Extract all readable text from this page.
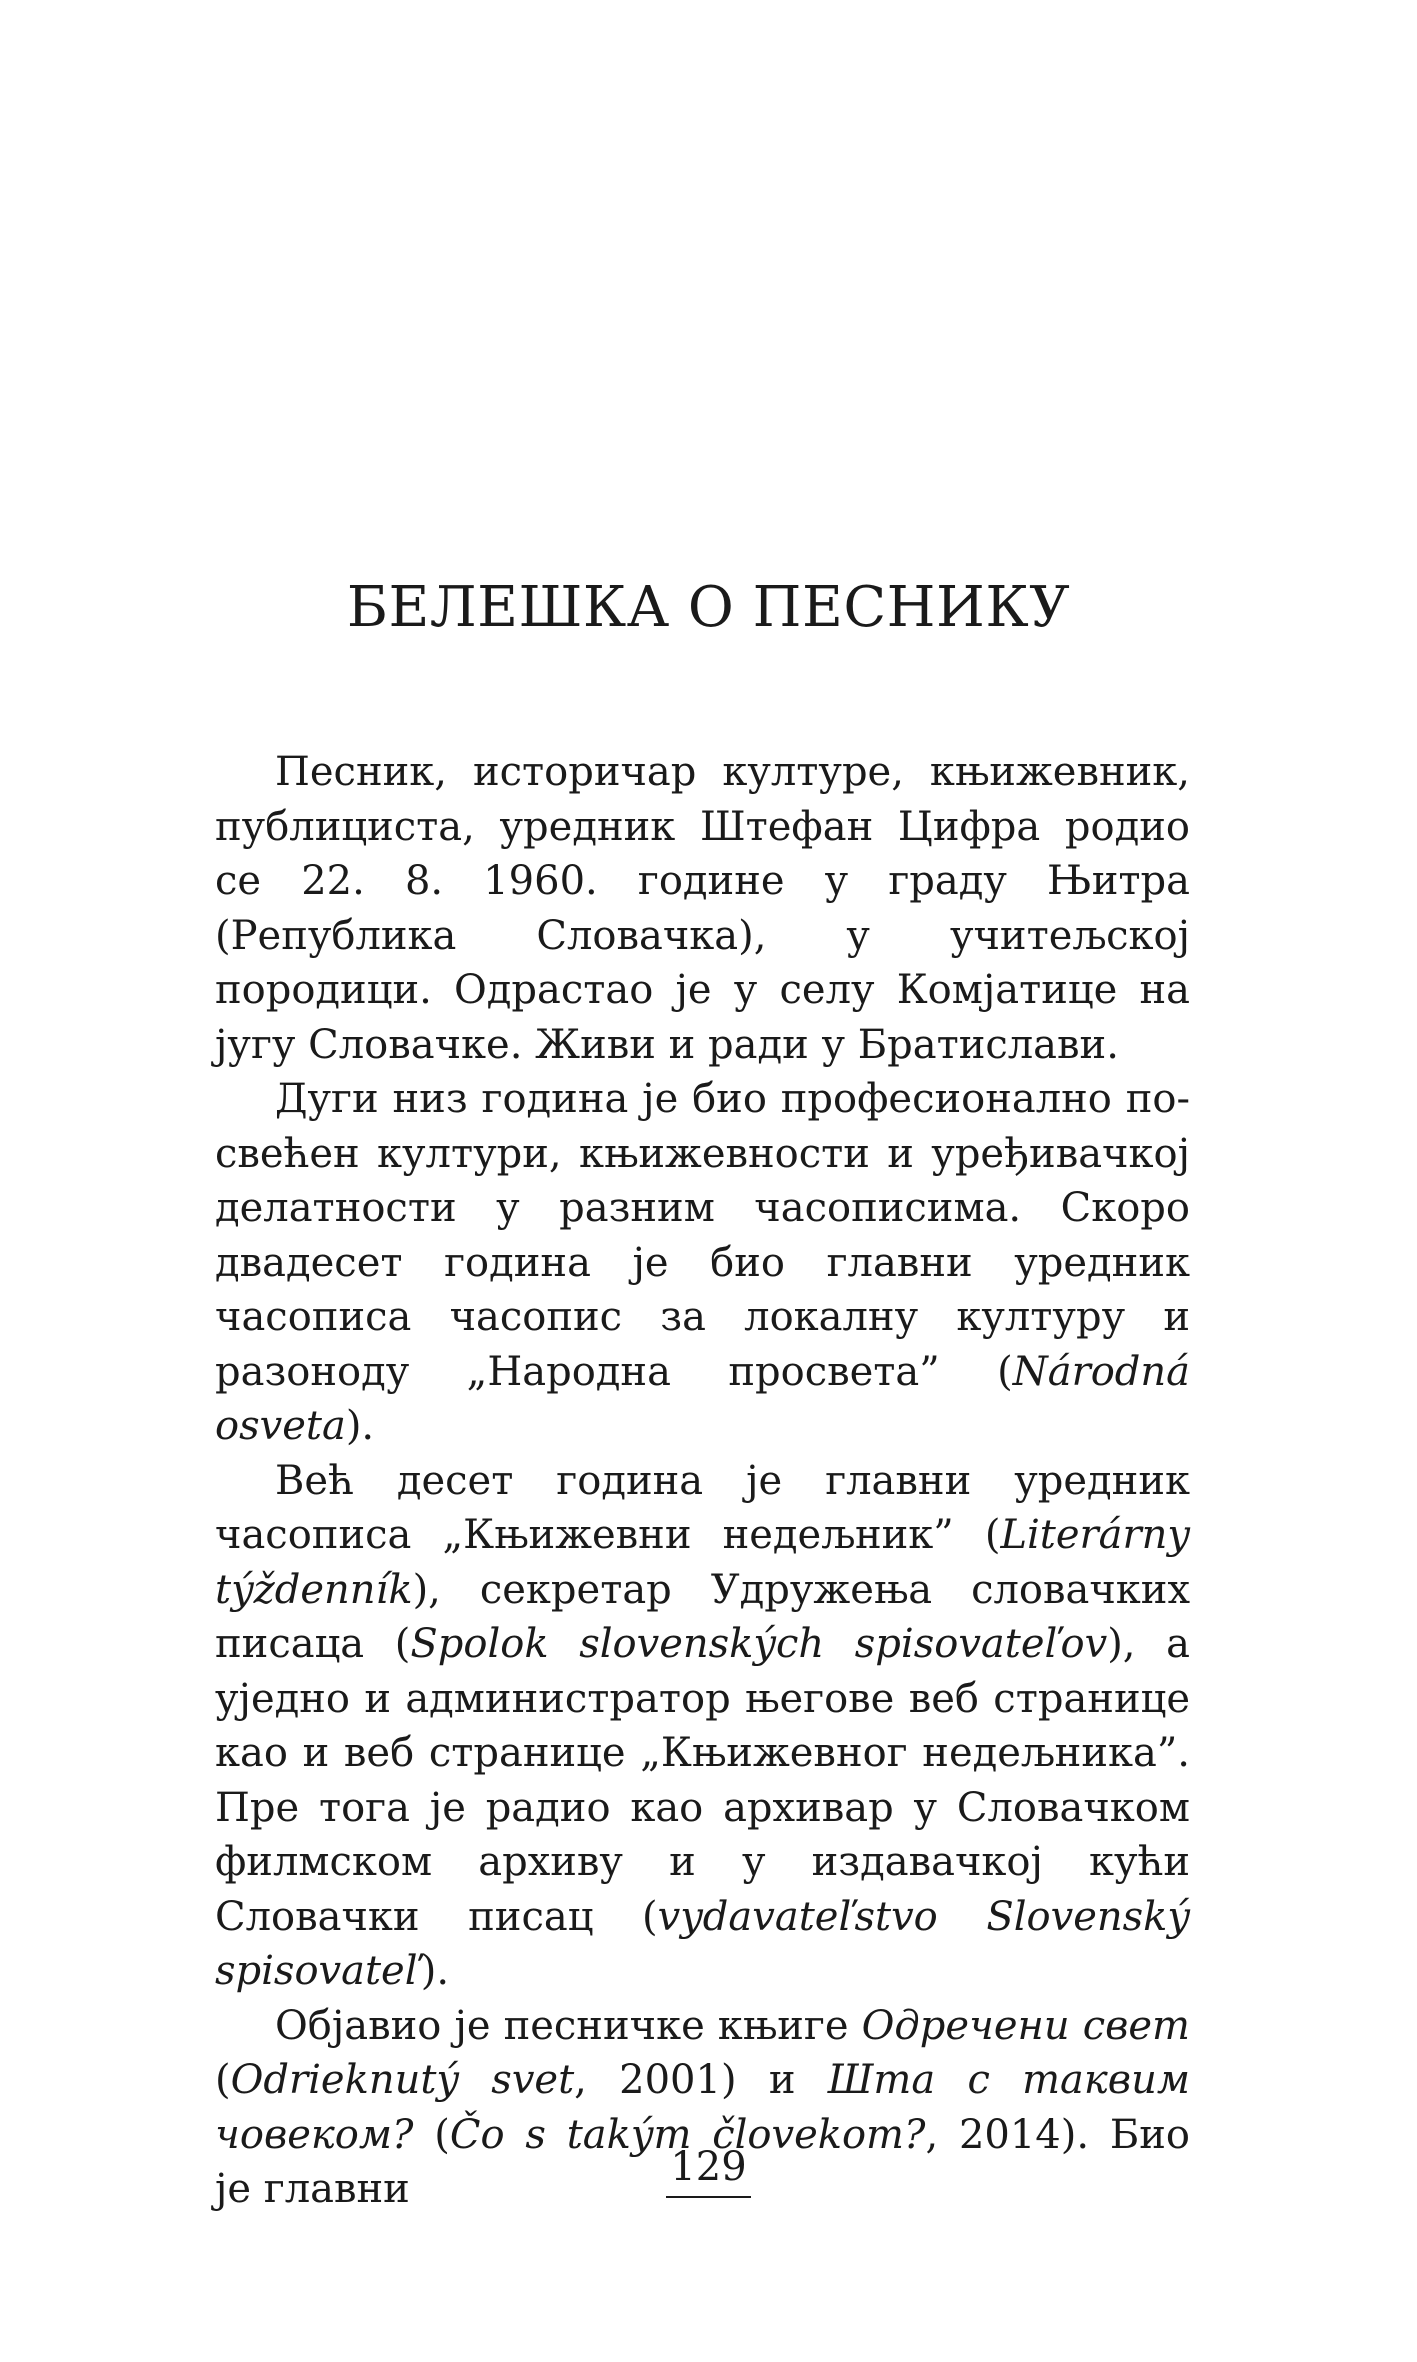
БЕЛЕШКА О ПЕСНИКУ

Песник, историчар културе, књижевник, публициста, уредник Штефан Цифра родио се 22. 8. 1960. године у граду Њитра (Република Словачка), у учитељској породици. Одрастао је у селу Комјатице на југу Словачке. Живи и ради у Братислави.

Дуги низ година је био професионално посвећен култури, књижевности и уређивачкој делатности у разним часописима. Скоро двадeсет година је био главни уредник часописа часопис за локалну културу и разоноду „Народна просвета” (Národná osveta).

Већ десет година је главни уредник часописа „Књижевни недељник” (Literárny týždenník), секретар Удружења словачких писаца (Spolok slovenských spisovateľov), а уједно и администратор његове веб странице као и веб странице „Књижевног недељника”. Пре тога је радио као архивар у Словачком филмском архиву и у издавачкој кући Словачки писац (vydavateľstvo Slovenský spisovateľ).

Објавио је песничке књиге Одречени свет (Odrieknutý svet, 2001) и Шта с таквим човеком? (Čo s takým človekom?, 2014). Био је главни	129
